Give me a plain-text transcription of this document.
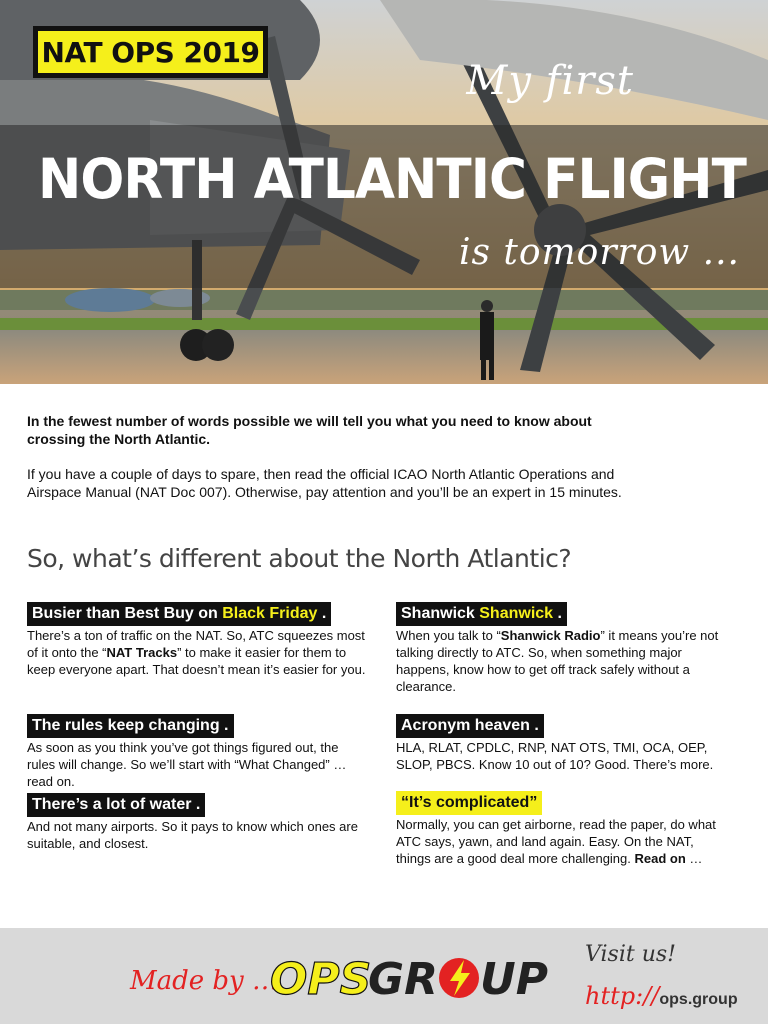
NAT OPS 2019
My first
NORTH ATLANTIC FLIGHT
is tomorrow ...

In the fewest number of words possible we will tell you what you need to know about crossing the North Atlantic.

If you have a couple of days to spare, then read the official ICAO North Atlantic Operations and Airspace Manual (NAT Doc 007). Otherwise, pay attention and you’ll be an expert in 15 minutes.

So, what’s different about the North Atlantic?
Busier than Best Buy on Black Friday .
There’s a ton of traffic on the NAT. So, ATC squeezes most of it onto the “NAT Tracks” to make it easier for them to keep everyone apart. That doesn’t mean it’s easier for you.
The rules keep changing .
As soon as you think you’ve got things figured out, the rules will change. So we’ll start with “What Changed” … read on.
There’s a lot of water .
And not many airports. So it pays to know which ones are suitable, and closest.
Shanwick Shanwick .
When you talk to “Shanwick Radio” it means you’re not talking directly to ATC. So, when something major happens, know how to get off track safely without a clearance.
Acronym heaven .
HLA, RLAT, CPDLC, RNP, NAT OTS, TMI, OCA, OEP, SLOP, PBCS. Know 10 out of 10? Good. There’s more.
“It’s complicated”
Normally, you can get airborne, read the paper, do what ATC says, yawn, and land again. Easy. On the NAT, things are a good deal more challenging. Read on …
Made by …
OPS
GR UP Visit us!
http://ops.group
